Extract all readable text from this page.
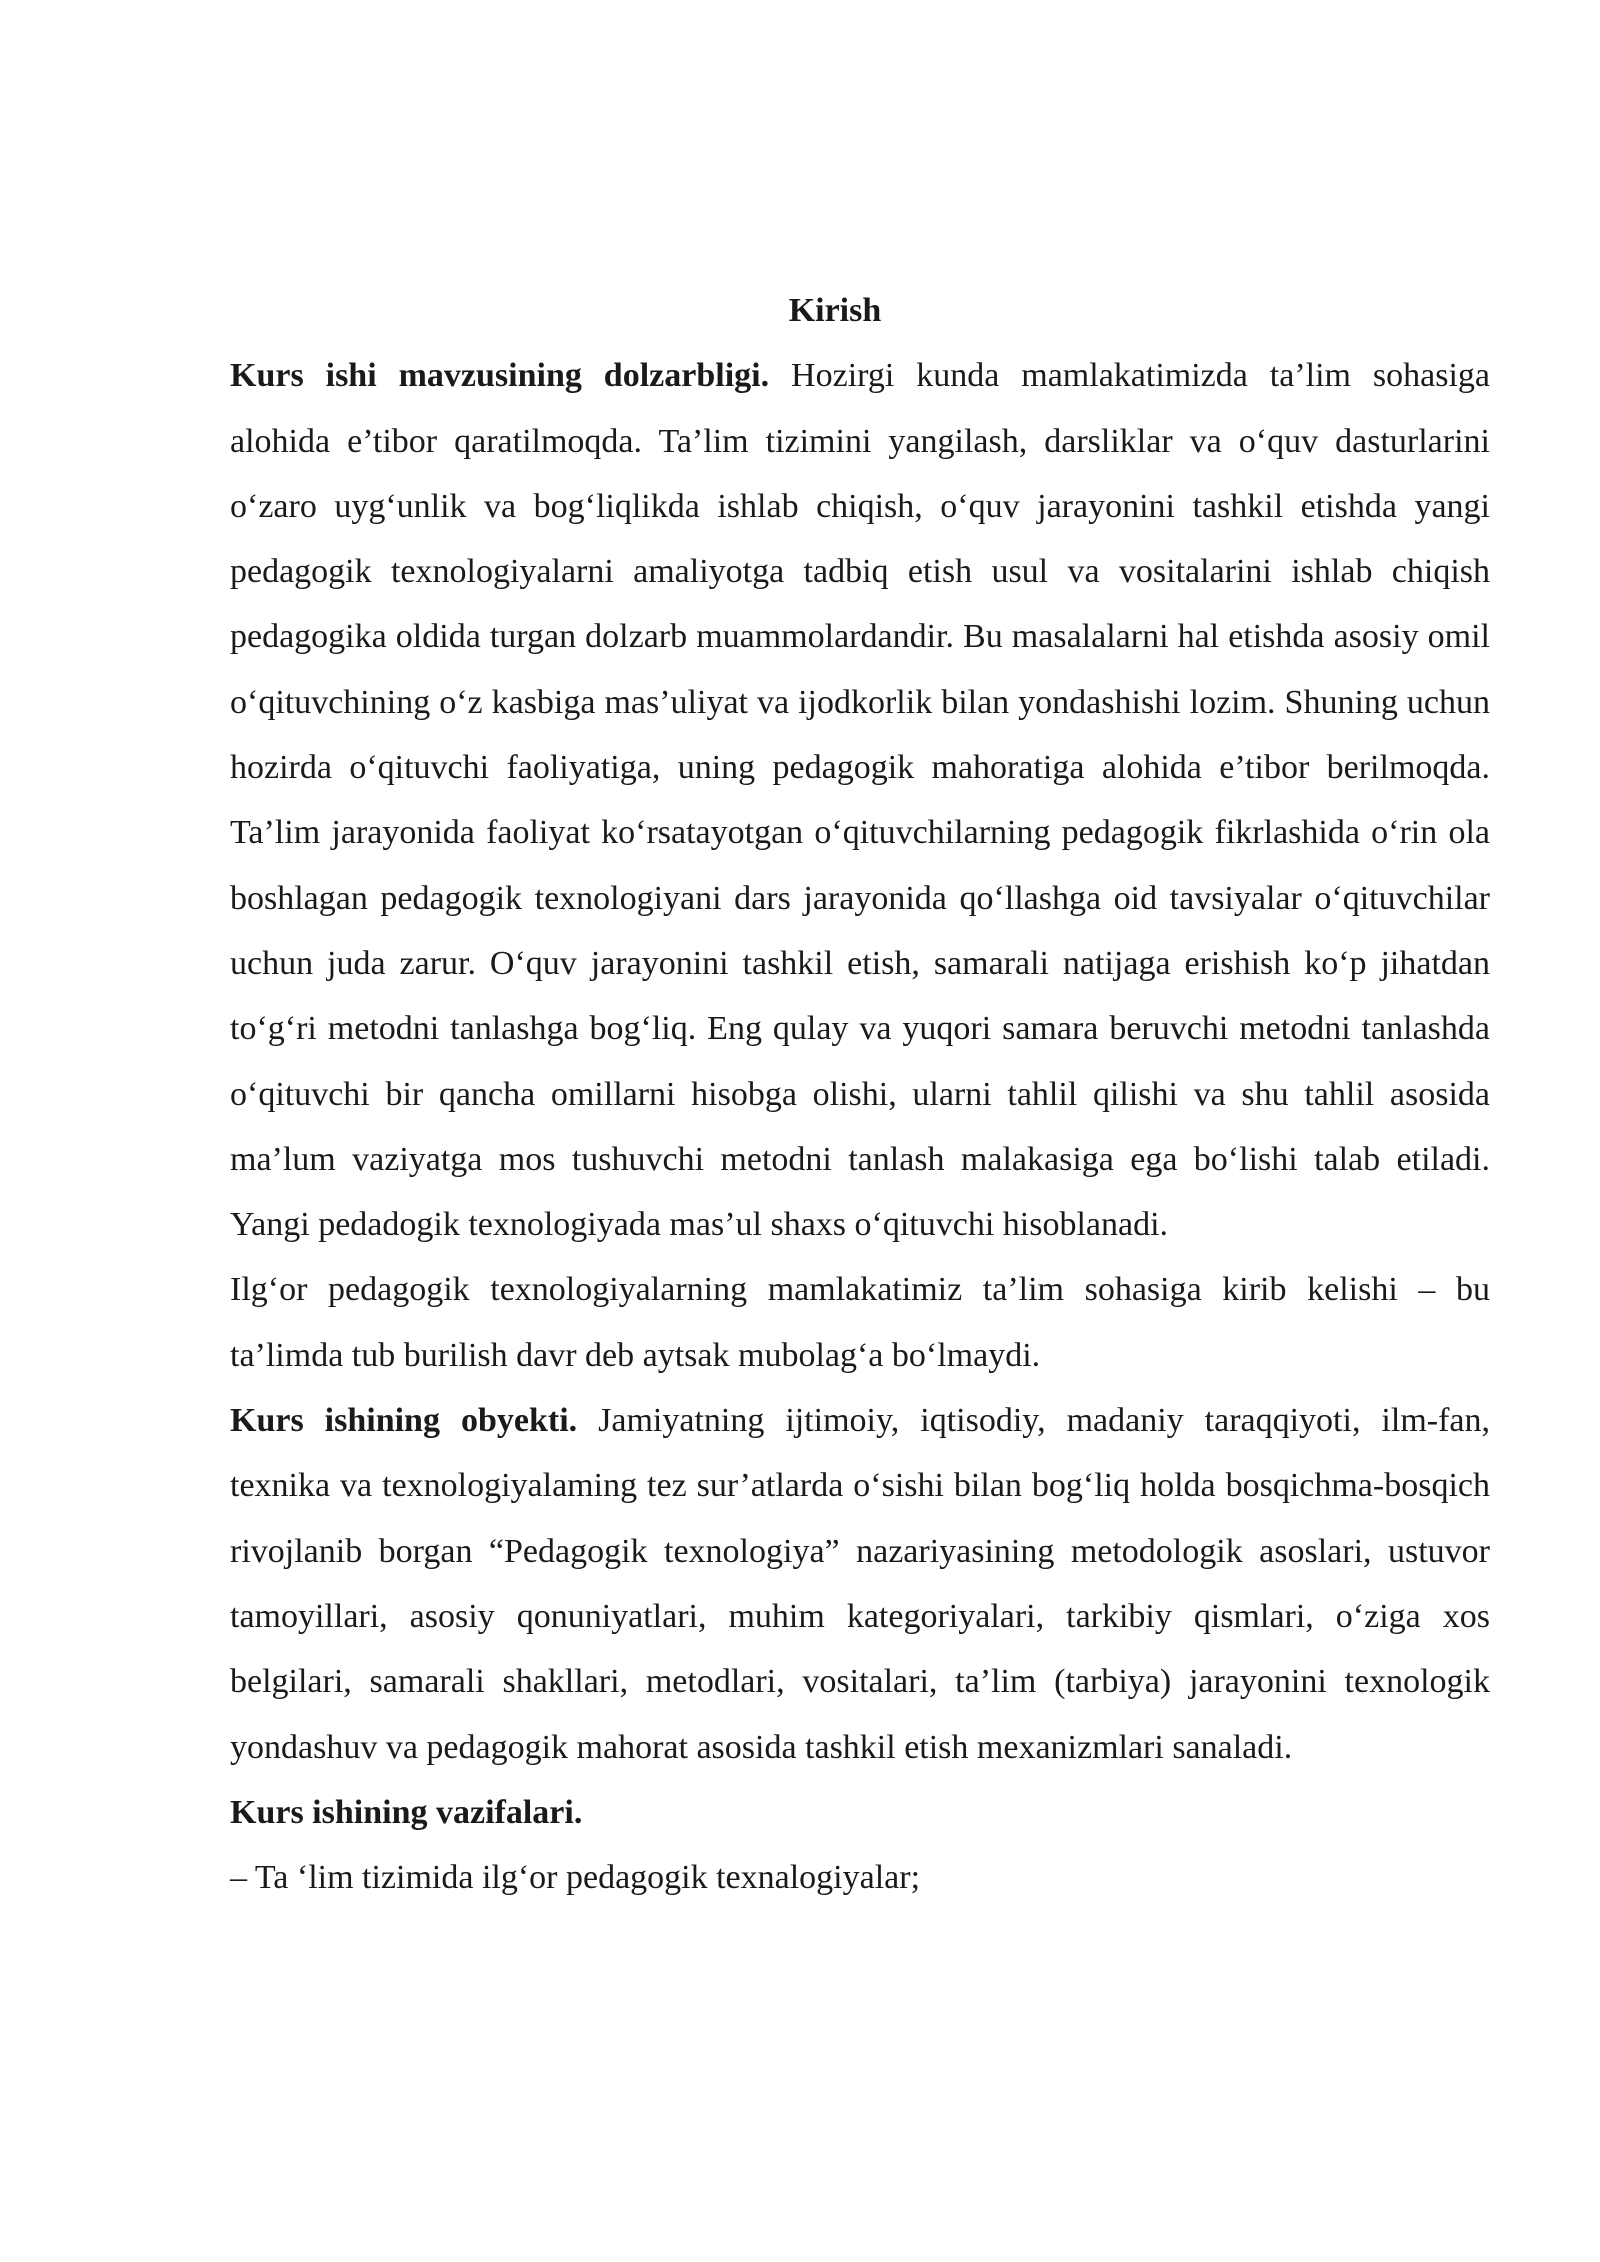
Kirish

Kurs ishi mavzusining dolzarbligi. Hozirgi kunda mamlakatimizda ta’lim sohasiga alohida e’tibor qaratilmoqda. Ta’lim tizimini yangilash, darsliklar va o‘quv dasturlarini o‘zaro uyg‘unlik va bog‘liqlikda ishlab chiqish, o‘quv jarayonini tashkil etishda yangi pedagogik texnologiyalarni amaliyotga tadbiq etish usul va vositalarini ishlab chiqish pedagogika oldida turgan dolzarb muammolardandir. Bu masalalarni hal etishda asosiy omil o‘qituvchining o‘z kasbiga mas’uliyat va ijodkorlik bilan yondashishi lozim. Shuning uchun hozirda o‘qituvchi faoliyatiga, uning pedagogik mahoratiga alohida e’tibor berilmoqda. Ta’lim jarayonida faoliyat ko‘rsatayotgan o‘qituvchilarning pedagogik fikrlashida o‘rin ola boshlagan pedagogik texnologiyani dars jarayonida qo‘llashga oid tavsiyalar o‘qituvchilar uchun juda zarur. O‘quv jarayonini tashkil etish, samarali natijaga erishish ko‘p jihatdan to‘g‘ri metodni tanlashga bog‘liq. Eng qulay va yuqori samara beruvchi metodni tanlashda o‘qituvchi bir qancha omillarni hisobga olishi, ularni tahlil qilishi va shu tahlil asosida ma’lum vaziyatga mos tushuvchi metodni tanlash malakasiga ega bo‘lishi talab etiladi. Yangi pedadogik texnologiyada mas’ul shaxs o‘qituvchi hisoblanadi.

Ilg‘or pedagogik texnologiyalarning mamlakatimiz ta’lim sohasiga kirib kelishi – bu ta’limda tub burilish davr deb aytsak mubolag‘a bo‘lmaydi.

Kurs ishining obyekti. Jamiyatning ijtimoiy, iqtisodiy, madaniy taraqqiyoti, ilm-fan, texnika va texnologiyalaming tez sur’atlarda o‘sishi bilan bog‘liq holda bosqichma-bosqich rivojlanib borgan “Pedagogik texnologiya” nazariyasining metodologik asoslari, ustuvor tamoyillari, asosiy qonuniyatlari, muhim kategoriyalari, tarkibiy qismlari, o‘ziga xos belgilari, samarali shakllari, metodlari, vositalari, ta’lim (tarbiya) jarayonini texnologik yondashuv va pedagogik mahorat asosida tashkil etish mexanizmlari sanaladi.

Kurs ishining vazifalari.

– Ta ‘lim tizimida ilg‘or pedagogik texnalogiyalar;
